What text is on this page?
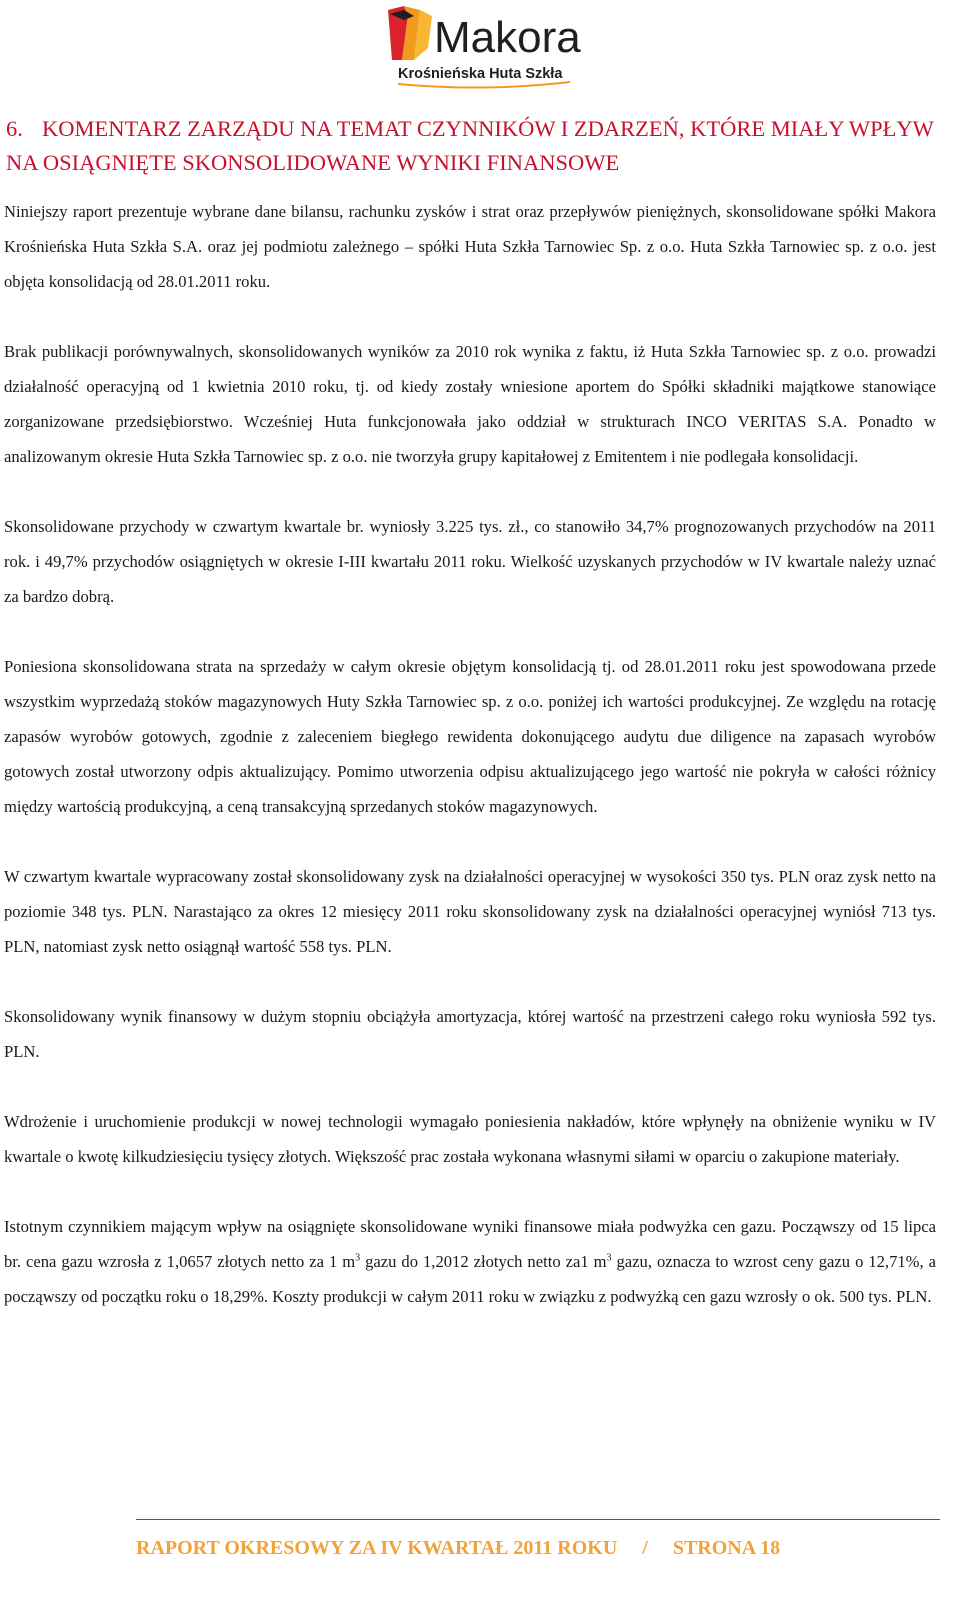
Makora
Krośnieńska Huta Szkła
6. KOMENTARZ ZARZĄDU NA TEMAT CZYNNIKÓW I ZDARZEŃ, KTÓRE MIAŁY WPŁYW NA OSIĄGNIĘTE SKONSOLIDOWANE WYNIKI FINANSOWE

Niniejszy raport prezentuje wybrane dane bilansu, rachunku zysków i strat oraz przepływów pieniężnych, skonsolidowane spółki Makora Krośnieńska Huta Szkła S.A. oraz jej podmiotu zależnego – spółki Huta Szkła Tarnowiec Sp. z o.o. Huta Szkła Tarnowiec sp. z o.o. jest objęta konsolidacją od 28.01.2011 roku.

Brak publikacji porównywalnych, skonsolidowanych wyników za 2010 rok wynika z faktu, iż Huta Szkła Tarnowiec sp. z o.o. prowadzi działalność operacyjną od 1 kwietnia 2010 roku, tj. od kiedy zostały wniesione aportem do Spółki składniki majątkowe stanowiące zorganizowane przedsiębiorstwo. Wcześniej Huta funkcjonowała jako oddział w strukturach INCO VERITAS S.A. Ponadto w analizowanym okresie Huta Szkła Tarnowiec sp. z o.o. nie tworzyła grupy kapitałowej z Emitentem i nie podlegała konsolidacji.

Skonsolidowane przychody w czwartym kwartale br. wyniosły 3.225 tys. zł., co stanowiło 34,7% prognozowanych przychodów na 2011 rok. i 49,7% przychodów osiągniętych w okresie I-III kwartału 2011 roku. Wielkość uzyskanych przychodów w IV kwartale należy uznać za bardzo dobrą.

Poniesiona skonsolidowana strata na sprzedaży w całym okresie objętym konsolidacją tj. od 28.01.2011 roku jest spowodowana przede wszystkim wyprzedażą stoków magazynowych Huty Szkła Tarnowiec sp. z o.o. poniżej ich wartości produkcyjnej. Ze względu na rotację zapasów wyrobów gotowych, zgodnie z zaleceniem biegłego rewidenta dokonującego audytu due diligence na zapasach wyrobów gotowych został utworzony odpis aktualizujący. Pomimo utworzenia odpisu aktualizującego jego wartość nie pokryła w całości różnicy między wartością produkcyjną, a ceną transakcyjną sprzedanych stoków magazynowych.

W czwartym kwartale wypracowany został skonsolidowany zysk na działalności operacyjnej w wysokości 350 tys. PLN oraz zysk netto na poziomie 348 tys. PLN. Narastająco za okres 12 miesięcy 2011 roku skonsolidowany zysk na działalności operacyjnej wyniósł 713 tys. PLN, natomiast zysk netto osiągnął wartość 558 tys. PLN.

Skonsolidowany wynik finansowy w dużym stopniu obciążyła amortyzacja, której wartość na przestrzeni całego roku wyniosła 592 tys. PLN.

Wdrożenie i uruchomienie produkcji w nowej technologii wymagało poniesienia nakładów, które wpłynęły na obniżenie wyniku w IV kwartale o kwotę kilkudziesięciu tysięcy złotych. Większość prac została wykonana własnymi siłami w oparciu o zakupione materiały.

Istotnym czynnikiem mającym wpływ na osiągnięte skonsolidowane wyniki finansowe miała podwyżka cen gazu. Począwszy od 15 lipca br. cena gazu wzrosła z 1,0657 złotych netto za 1 $m^3$ gazu do 1,2012 złotych netto za1 $m^3$ gazu, oznacza to wzrost ceny gazu o 12,71%, a począwszy od początku roku o 18,29%. Koszty produkcji w całym 2011 roku w związku z podwyżką cen gazu wzrosły o ok. 500 tys. PLN.

RAPORT OKRESOWY ZA IV KWARTAŁ 2011 ROKU     /     STRONA 18
